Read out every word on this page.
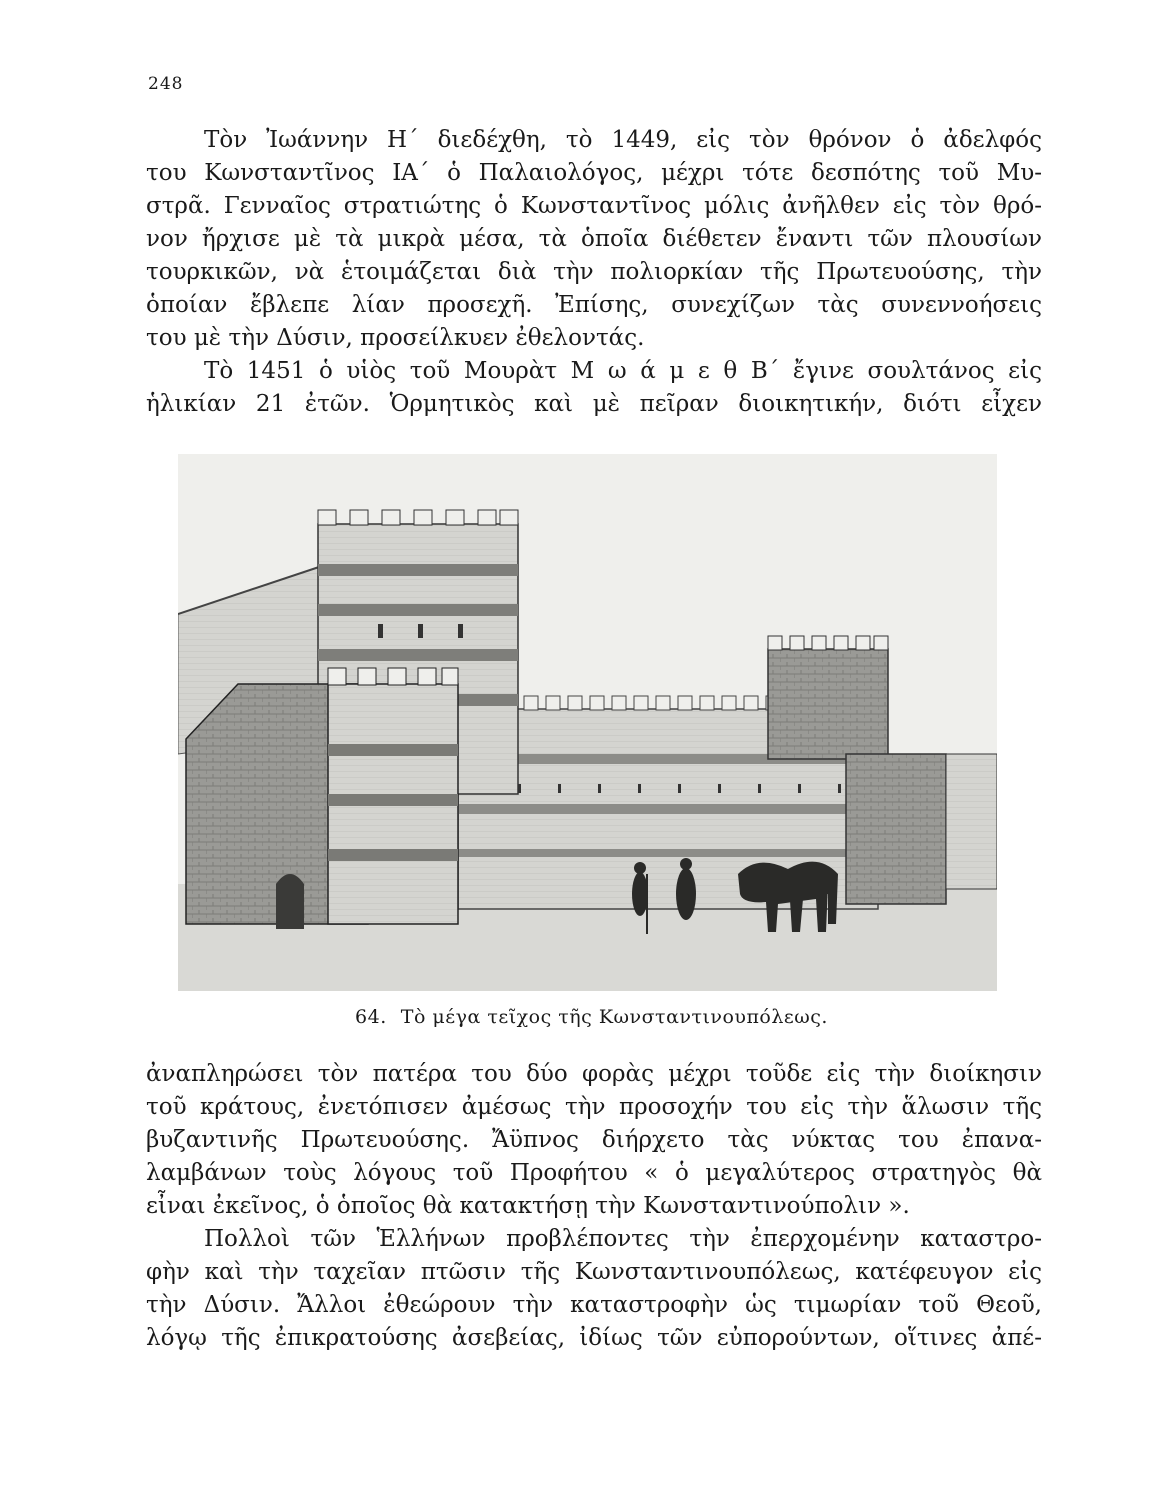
248
Τὸν Ἰωάννην Η΄ διεδέχθη, τὸ 1449, εἰς τὸν θρόνον ὁ ἀδελφός
του Κωνσταντῖνος ΙΑ΄ ὁ Παλαιολόγος, μέχρι τότε δεσπότης τοῦ Μυ-
στρᾶ. Γενναῖος στρατιώτης ὁ Κωνσταντῖνος μόλις ἀνῆλθεν εἰς τὸν θρό-
νον ἤρχισε μὲ τὰ μικρὰ μέσα, τὰ ὁποῖα διέθετεν ἔναντι τῶν πλουσίων
τουρκικῶν, νὰ ἑτοιμάζεται διὰ τὴν πολιορκίαν τῆς Πρωτευούσης, τὴν
ὁποίαν ἔβλεπε λίαν προσεχῆ. Ἐπίσης, συνεχίζων τὰς συνεννοήσεις
του μὲ τὴν Δύσιν, προσείλκυεν ἐθελοντάς.
Τὸ 1451 ὁ υἱὸς τοῦ Μουρὰτ Μ ω ά μ ε θ Β΄ ἔγινε σουλτάνος εἰς
ἡλικίαν 21 ἐτῶν. Ὁρμητικὸς καὶ μὲ πεῖραν διοικητικήν, διότι εἶχεν
64. Τὸ μέγα τεῖχος τῆς Κωνσταντινουπόλεως.
ἀναπληρώσει τὸν πατέρα του δύο φορὰς μέχρι τοῦδε εἰς τὴν διοίκησιν
τοῦ κράτους, ἐνετόπισεν ἀμέσως τὴν προσοχήν του εἰς τὴν ἅλωσιν τῆς
βυζαντινῆς Πρωτευούσης. Ἄϋπνος διήρχετο τὰς νύκτας του ἐπανα-
λαμβάνων τοὺς λόγους τοῦ Προφήτου « ὁ μεγαλύτερος στρατηγὸς θὰ
εἶναι ἐκεῖνος, ὁ ὁποῖος θὰ κατακτήσῃ τὴν Κωνσταντινούπολιν ».
Πολλοὶ τῶν Ἑλλήνων προβλέποντες τὴν ἐπερχομένην καταστρο-
φὴν καὶ τὴν ταχεῖαν πτῶσιν τῆς Κωνσταντινουπόλεως, κατέφευγον εἰς
τὴν Δύσιν. Ἄλλοι ἐθεώρουν τὴν καταστροφὴν ὡς τιμωρίαν τοῦ Θεοῦ,
λόγῳ τῆς ἐπικρατούσης ἀσεβείας, ἰδίως τῶν εὐπορούντων, οἵτινες ἀπέ-
